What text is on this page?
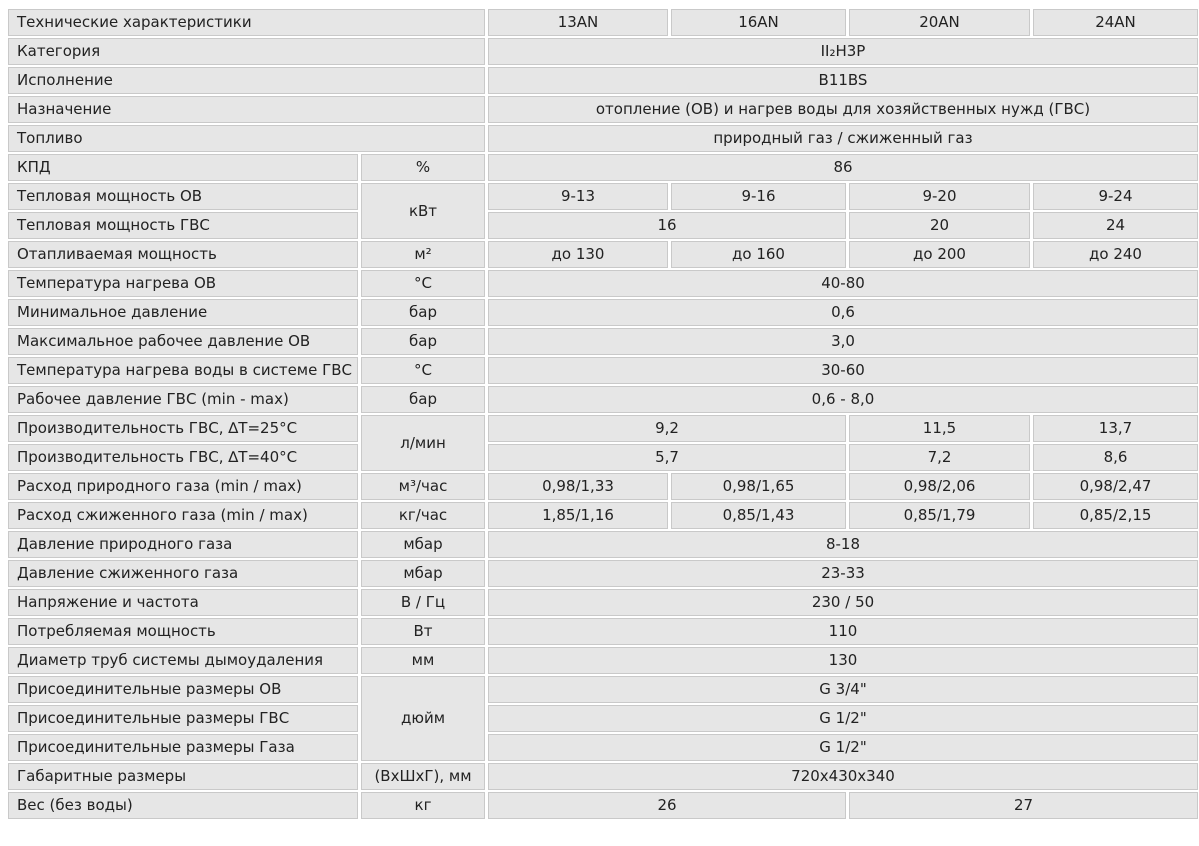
Технические характеристики		13AN	16AN	20AN	24AN
Категория		II₂H3P			
Исполнение		B11BS			
Назначение		отопление (ОВ) и нагрев воды для хозяйственных нужд (ГВС)			
Топливо		природный газ / сжиженный газ			
КПД	%	86			
Тепловая мощность ОВ	кВт	9-13	9-16	9-20	9-24
Тепловая мощность ГВС		16		20	24
Отапливаемая мощность	м²	до 130	до 160	до 200	до 240
Температура нагрева ОВ	°С	40-80			
Минимальное давление	бар	0,6			
Максимальное рабочее давление ОВ	бар	3,0			
Температура нагрева воды в системе ГВС	°С	30-60			
Рабочее давление ГВС (min - max)	бар	0,6 - 8,0			
Производительность ГВС, ∆T=25°C	л/мин	9,2		11,5	13,7
Производительность ГВС, ∆T=40°C		5,7		7,2	8,6
Расход природного газа (min / max)	м³/час	0,98/1,33	0,98/1,65	0,98/2,06	0,98/2,47
Расход сжиженного газа (min / max)	кг/час	1,85/1,16	0,85/1,43	0,85/1,79	0,85/2,15
Давление природного газа	мбар	8-18			
Давление сжиженного газа	мбар	23-33			
Напряжение и частота	В / Гц	230 / 50			
Потребляемая мощность	Вт	110			
Диаметр труб системы дымоудаления	мм	130			
Присоединительные размеры ОВ	дюйм	G 3/4"			
Присоединительные размеры ГВС		G 1/2"			
Присоединительные размеры Газа		G 1/2"			
Габаритные размеры	(ВхШхГ), мм	720x430x340			
Вес (без воды)	кг	26		27	
